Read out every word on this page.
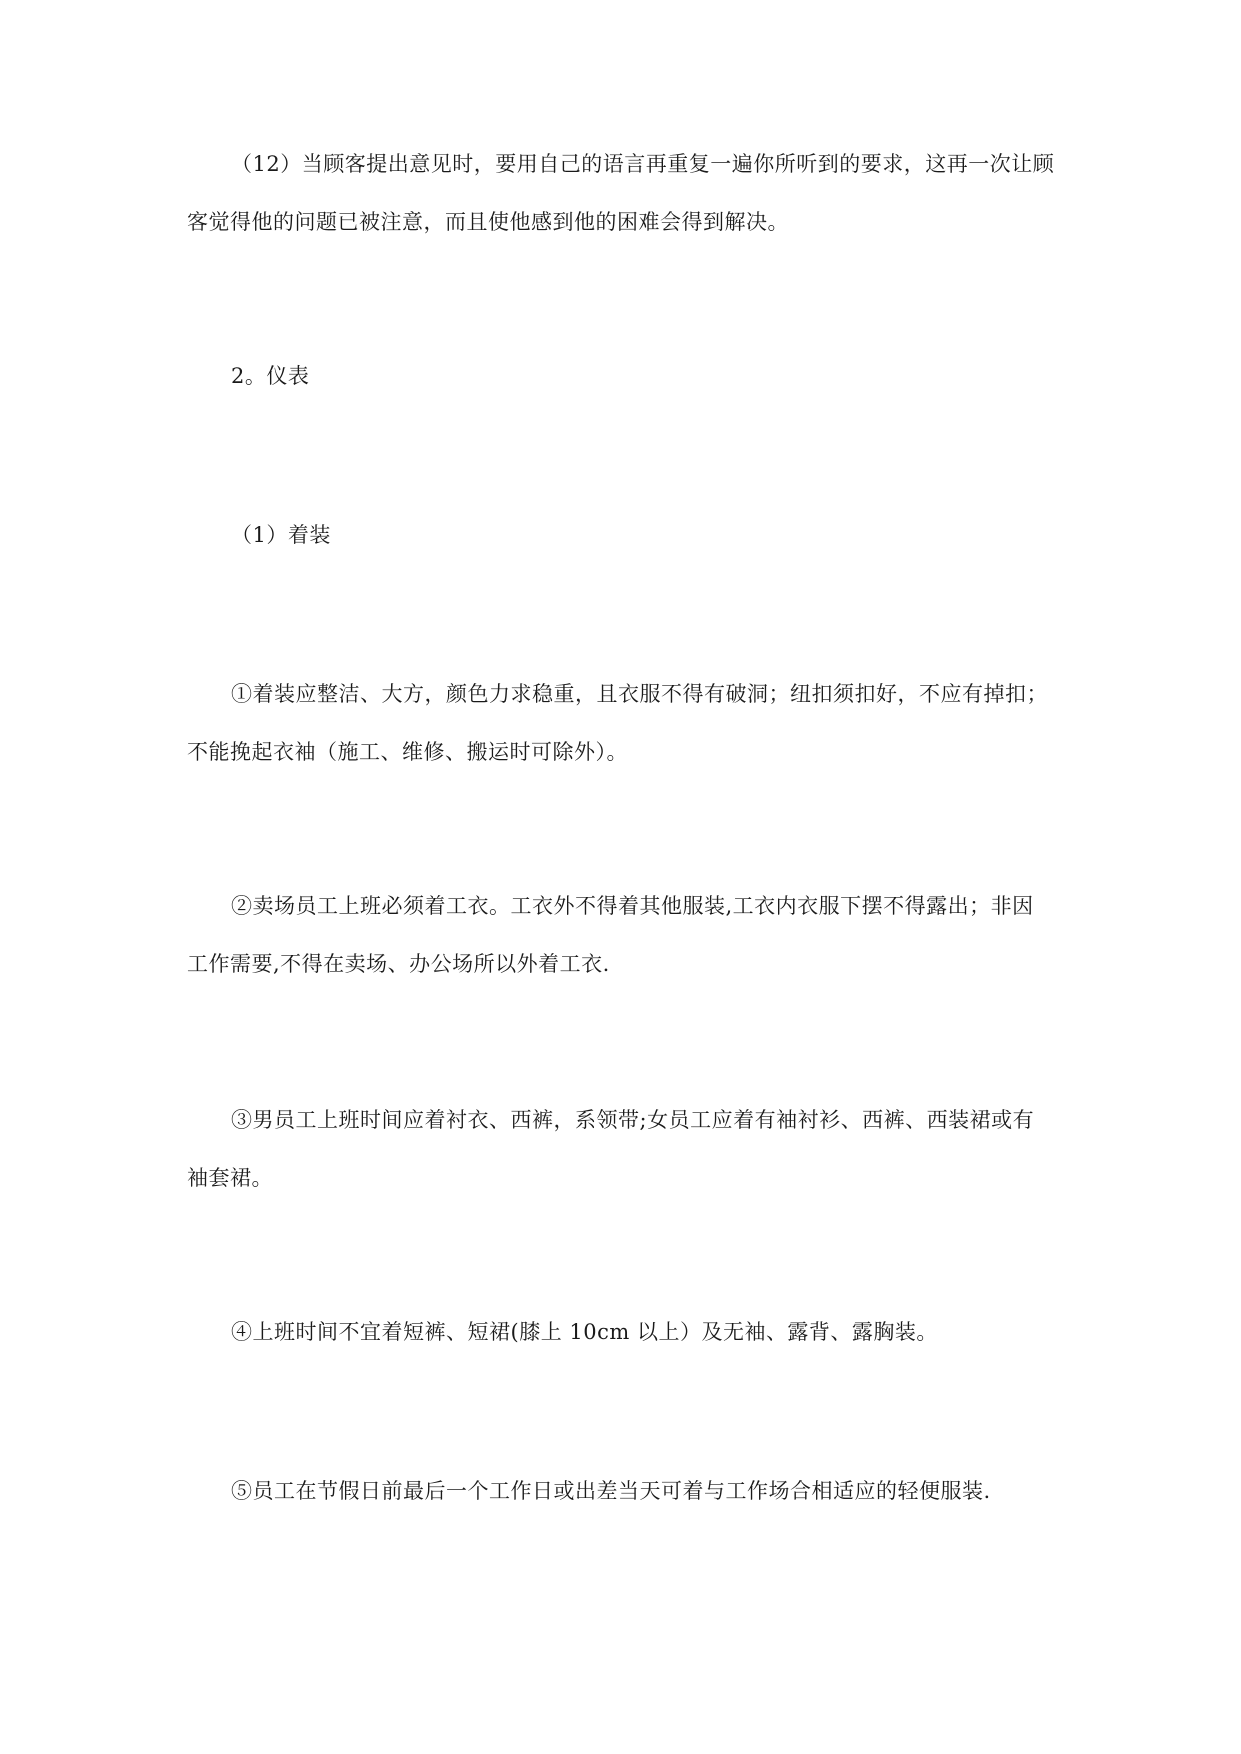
（12）当顾客提出意见时，要用自己的语言再重复一遍你所听到的要求，这再一次让顾
客觉得他的问题已被注意，而且使他感到他的困难会得到解决。
2。仪表
（1）着装
①着装应整洁、大方，颜色力求稳重，且衣服不得有破洞；纽扣须扣好，不应有掉扣；
不能挽起衣袖（施工、维修、搬运时可除外）。
②卖场员工上班必须着工衣。工衣外不得着其他服装,工衣内衣服下摆不得露出；非因
工作需要,不得在卖场、办公场所以外着工衣.
③男员工上班时间应着衬衣、西裤，系领带;女员工应着有袖衬衫、西裤、西装裙或有
袖套裙。
④上班时间不宜着短裤、短裙(膝上 10cm 以上）及无袖、露背、露胸装。
⑤员工在节假日前最后一个工作日或出差当天可着与工作场合相适应的轻便服装.
